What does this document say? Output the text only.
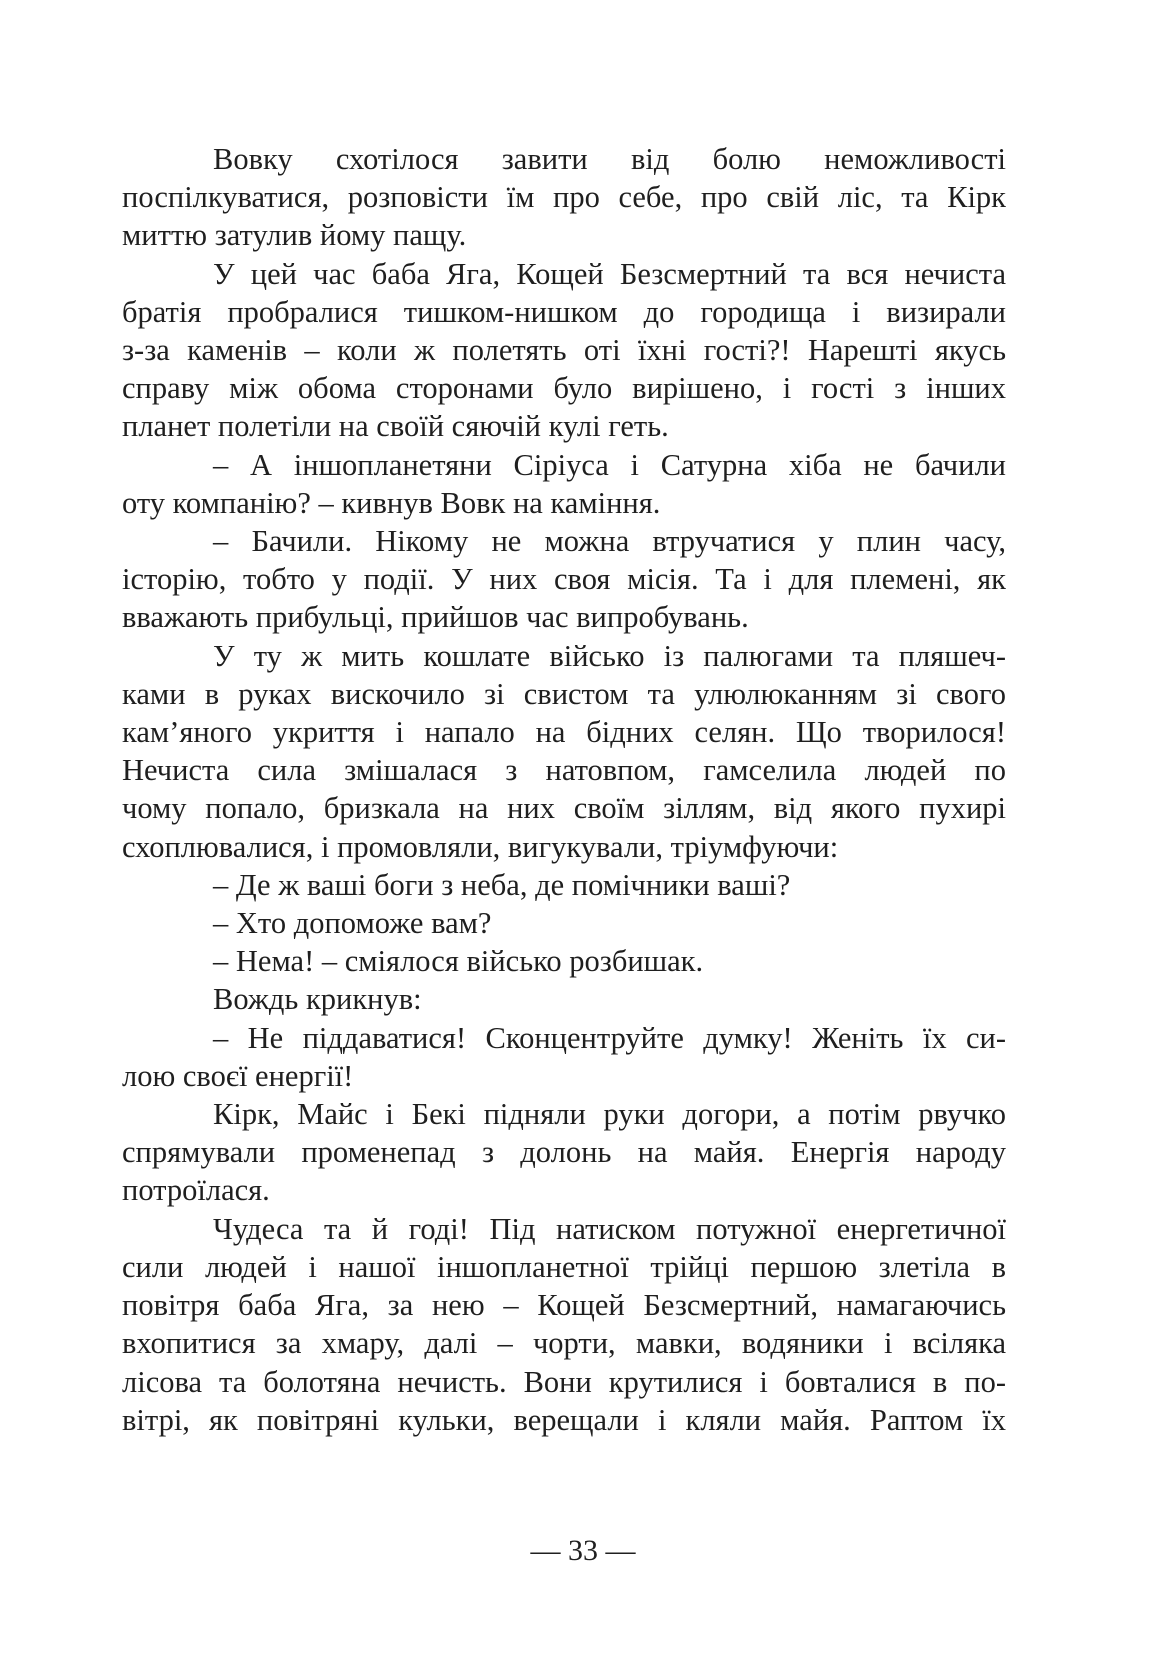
Вовку схотілося завити від болю неможливості
поспілкуватися, розповісти їм про себе, про свій ліс, та Кірк
миттю затулив йому пащу.
У цей час баба Яга, Кощей Безсмертний та вся нечиста
братія пробралися тишком-нишком до городища і визирали
з-за каменів – коли ж полетять оті їхні гості?! Нарешті якусь
справу між обома сторонами було вирішено, і гості з інших
планет полетіли на своїй сяючій кулі геть.
– А іншопланетяни Сіріуса і Сатурна хіба не бачили
оту компанію? – кивнув Вовк на каміння.
– Бачили. Нікому не можна втручатися у плин часу,
історію, тобто у події. У них своя місія. Та і для племені, як
вважають прибульці, прийшов час випробувань.
У ту ж мить кошлате військо із палюгами та пляшеч-
ками в руках вискочило зі свистом та улюлюканням зі свого
кам’яного укриття і напало на бідних селян. Що творилося!
Нечиста сила змішалася з натовпом, гамселила людей по
чому попало, бризкала на них своїм зіллям, від якого пухирі
схоплювалися, і промовляли, вигукували, тріумфуючи:
– Де ж ваші боги з неба, де помічники ваші?
– Хто допоможе вам?
– Нема! – сміялося військо розбишак.
Вождь крикнув:
– Не піддаватися! Сконцентруйте думку! Женіть їх си-
лою своєї енергії!
Кірк, Майс і Бекі підняли руки догори, а потім рвучко
спрямували променепад з долонь на майя. Енергія народу
потроїлася.
Чудеса та й годі! Під натиском потужної енергетичної
сили людей і нашої іншопланетної трійці першою злетіла в
повітря баба Яга, за нею – Кощей Безсмертний, намагаючись
вхопитися за хмару, далі – чорти, мавки, водяники і всіляка
лісова та болотяна нечисть. Вони крутилися і бовталися в по-
вітрі, як повітряні кульки, верещали і кляли майя. Раптом їх
— 33 —
